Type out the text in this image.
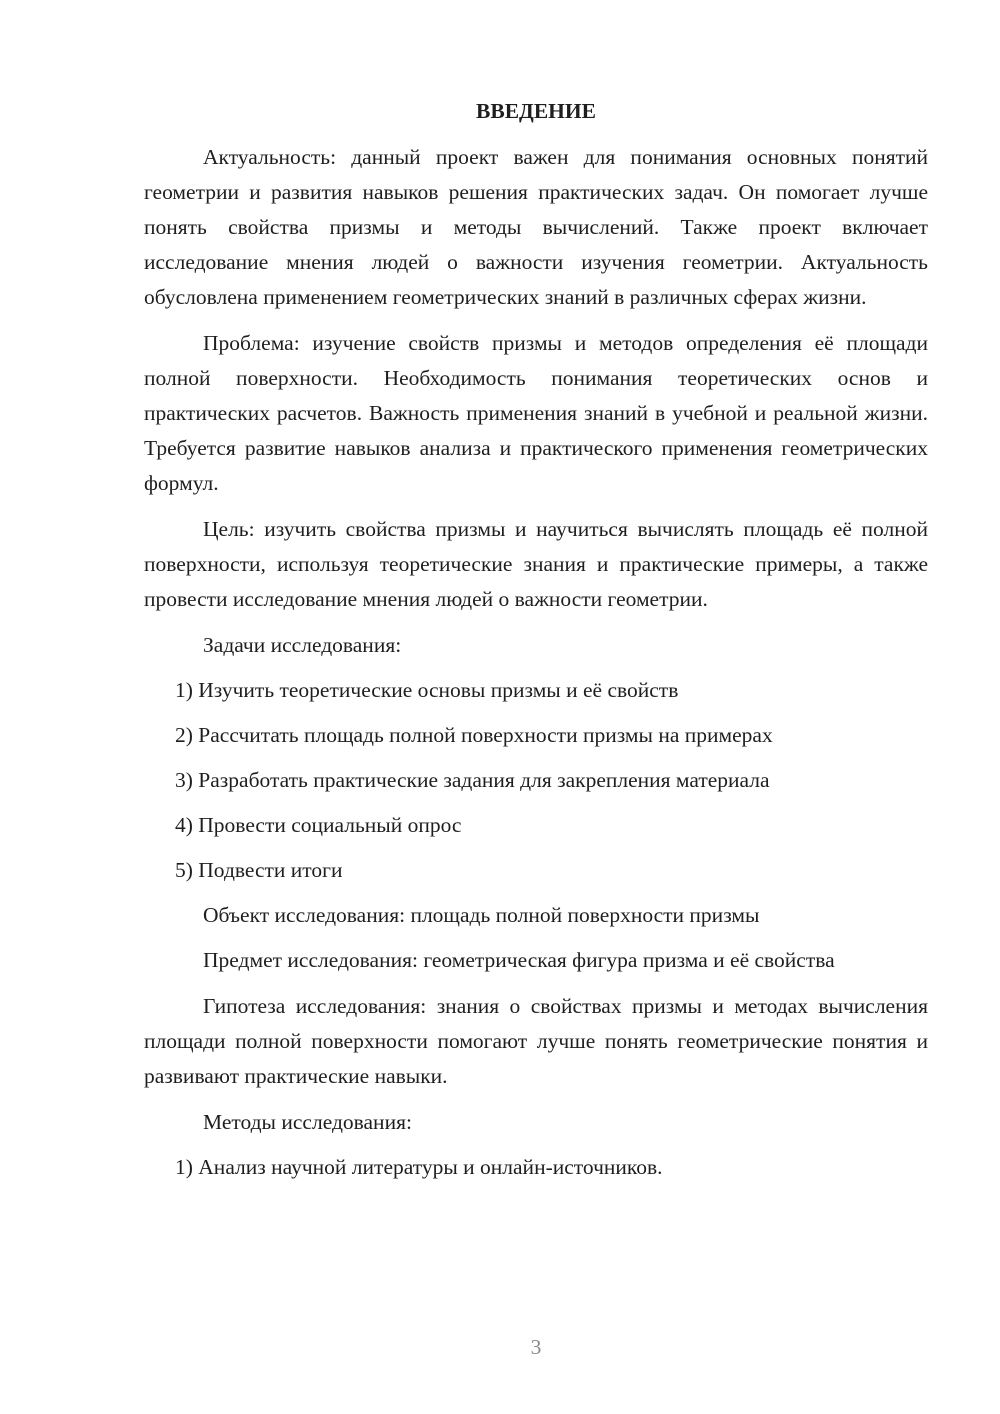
ВВЕДЕНИЕ

Актуальность: данный проект важен для понимания основных понятий геометрии и развития навыков решения практических задач. Он помогает лучше понять свойства призмы и методы вычислений. Также проект включает исследование мнения людей о важности изучения геометрии. Актуальность обусловлена применением геометрических знаний в различных сферах жизни.

Проблема: изучение свойств призмы и методов определения её площади полной поверхности. Необходимость понимания теоретических основ и практических расчетов. Важность применения знаний в учебной и реальной жизни. Требуется развитие навыков анализа и практического применения геометрических формул.

Цель: изучить свойства призмы и научиться вычислять площадь её полной поверхности, используя теоретические знания и практические примеры, а также провести исследование мнения людей о важности геометрии.

Задачи исследования:
1) Изучить теоретические основы призмы и её свойств
2) Рассчитать площадь полной поверхности призмы на примерах
3) Разработать практические задания для закрепления материала
4) Провести социальный опрос
5) Подвести итоги
Объект исследования: площадь полной поверхности призмы

Предмет исследования: геометрическая фигура призма и её свойства

Гипотеза исследования: знания о свойствах призмы и методах вычисления площади полной поверхности помогают лучше понять геометрические понятия и развивают практические навыки.

Методы исследования:
1) Анализ научной литературы и онлайн-источников.
3
